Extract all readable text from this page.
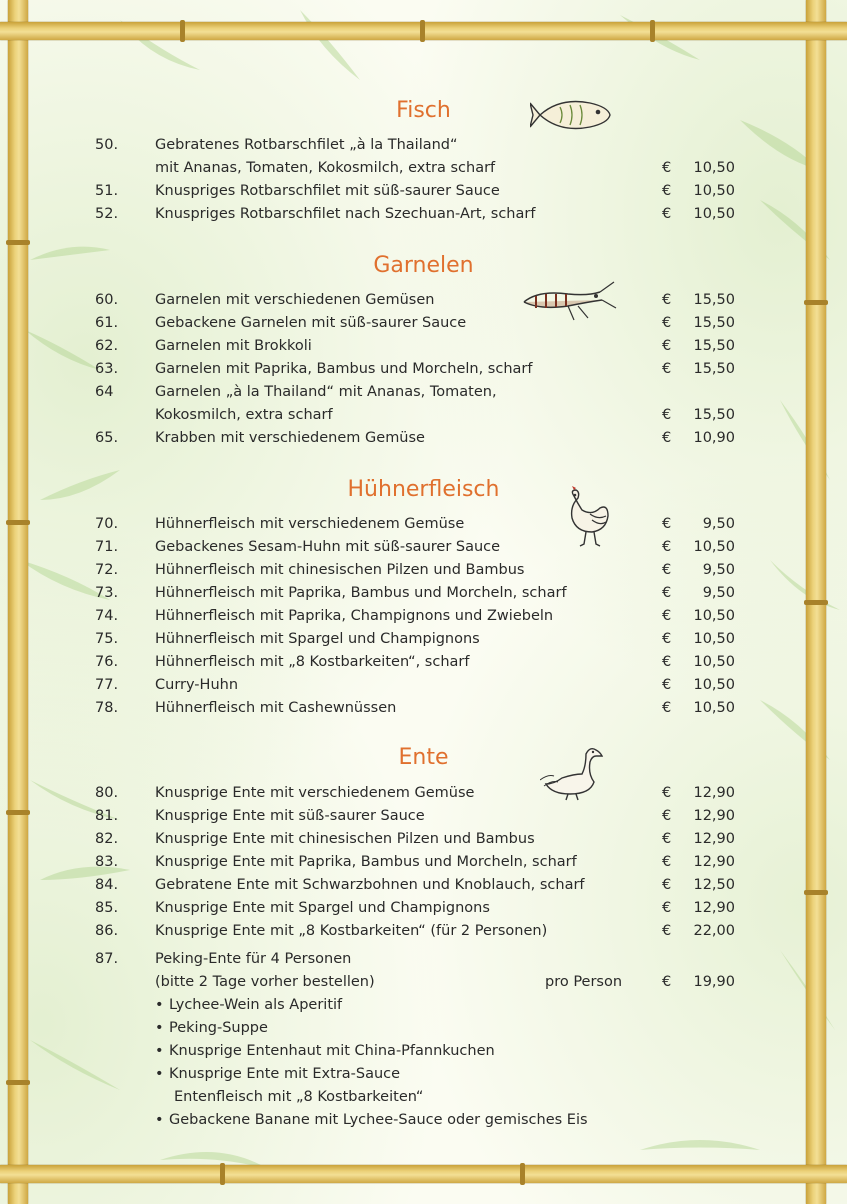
Fisch
50.	Gebratenes Rotbarschfilet „à la Thailand“
mit Ananas, Tomaten, Kokosmilch, extra scharf	€ 10,50
51.	Knuspriges Rotbarschfilet mit süß-saurer Sauce	€ 10,50
52.	Knuspriges Rotbarschfilet nach Szechuan-Art, scharf	€ 10,50
Garnelen
60.	Garnelen mit verschiedenen Gemüsen	€ 15,50
61.	Gebackene Garnelen mit süß-saurer Sauce	€ 15,50
62.	Garnelen mit Brokkoli	€ 15,50
63.	Garnelen mit Paprika, Bambus und Morcheln, scharf	€ 15,50
64	Garnelen „à la Thailand“ mit Ananas, Tomaten,
Kokosmilch, extra scharf	€ 15,50
65.	Krabben mit verschiedenem Gemüse	€ 10,90
Hühnerfleisch
70.	Hühnerfleisch mit verschiedenem Gemüse	€ 9,50
71.	Gebackenes Sesam-Huhn mit süß-saurer Sauce	€ 10,50
72.	Hühnerfleisch mit chinesischen Pilzen und Bambus	€ 9,50
73.	Hühnerfleisch mit Paprika, Bambus und Morcheln, scharf	€ 9,50
74.	Hühnerfleisch mit Paprika, Champignons und Zwiebeln	€ 10,50
75.	Hühnerfleisch mit Spargel und Champignons	€ 10,50
76.	Hühnerfleisch mit „8 Kostbarkeiten“, scharf	€ 10,50
77.	Curry-Huhn	€ 10,50
78.	Hühnerfleisch mit Cashewnüssen	€ 10,50
Ente
80.	Knusprige Ente mit verschiedenem Gemüse	€ 12,90
81.	Knusprige Ente mit süß-saurer Sauce	€ 12,90
82.	Knusprige Ente mit chinesischen Pilzen und Bambus	€ 12,90
83.	Knusprige Ente mit Paprika, Bambus und Morcheln, scharf	€ 12,90
84.	Gebratene Ente mit Schwarzbohnen und Knoblauch, scharf	€ 12,50
85.	Knusprige Ente mit Spargel und Champignons	€ 12,90
86.	Knusprige Ente mit „8 Kostbarkeiten“ (für 2 Personen)	€ 22,00
87.	Peking-Ente für 4 Personen
(bitte 2 Tage vorher bestellen)	pro Person	€ 19,90
• Lychee-Wein als Aperitif
• Peking-Suppe
• Knusprige Entenhaut mit China-Pfannkuchen
• Knusprige Ente mit Extra-Sauce
Entenfleisch mit „8 Kostbarkeiten“
• Gebackene Banane mit Lychee-Sauce oder gemisches Eis
